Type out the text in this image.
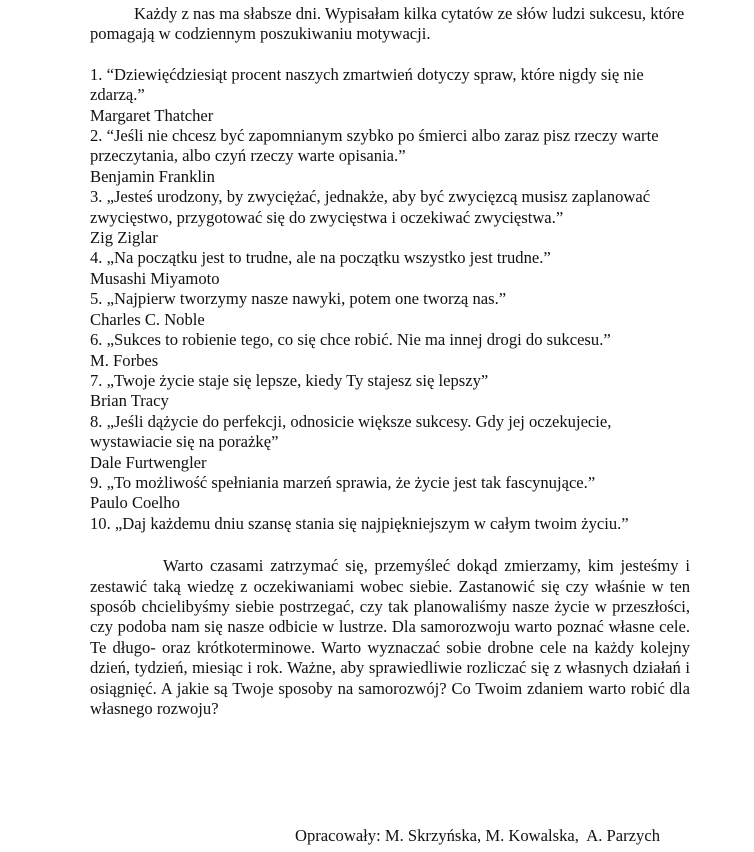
Każdy z nas ma słabsze dni. Wypisałam kilka cytatów ze słów ludzi sukcesu, które pomagają w codziennym poszukiwaniu motywacji.

1. “Dziewięćdziesiąt procent naszych zmartwień dotyczy spraw, które nigdy się nie zdarzą.”

Margaret Thatcher

2. “Jeśli nie chcesz być zapomnianym szybko po śmierci albo zaraz pisz rzeczy warte przeczytania, albo czyń rzeczy warte opisania.”

Benjamin Franklin

3. „Jesteś urodzony, by zwyciężać, jednakże, aby być zwycięzcą musisz zaplanować zwycięstwo, przygotować się do zwycięstwa i oczekiwać zwycięstwa.”

Zig Ziglar

4. „Na początku jest to trudne, ale na początku wszystko jest trudne.”

Musashi Miyamoto

5. „Najpierw tworzymy nasze nawyki, potem one tworzą nas.”

Charles C. Noble

6. „Sukces to robienie tego, co się chce robić. Nie ma innej drogi do sukcesu.”

M. Forbes

7. „Twoje życie staje się lepsze, kiedy Ty stajesz się lepszy”

Brian Tracy

8. „Jeśli dążycie do perfekcji, odnosicie większe sukcesy. Gdy jej oczekujecie, wystawiacie się na porażkę”

Dale Furtwengler

9. „To możliwość spełniania marzeń sprawia, że życie jest tak fascynujące.”

Paulo Coelho

10. „Daj każdemu dniu szansę stania się najpiękniejszym w całym twoim życiu.”

Warto czasami zatrzymać się, przemyśleć dokąd zmierzamy, kim jesteśmy i zestawić taką wiedzę z oczekiwaniami wobec siebie. Zastanowić się czy właśnie w ten sposób chcielibyśmy siebie postrzegać, czy tak planowaliśmy nasze życie w przeszłości, czy podoba nam się nasze odbicie w lustrze. Dla samorozwoju warto poznać własne cele. Te długo- oraz krótkoterminowe. Warto wyznaczać sobie drobne cele na każdy kolejny dzień, tydzień, miesiąc i rok. Ważne, aby sprawiedliwie rozliczać się z własnych działań i osiągnięć. A jakie są Twoje sposoby na samorozwój? Co Twoim zdaniem warto robić dla własnego rozwoju?

Opracowały: M. Skrzyńska, M. Kowalska,  A. Parzych
